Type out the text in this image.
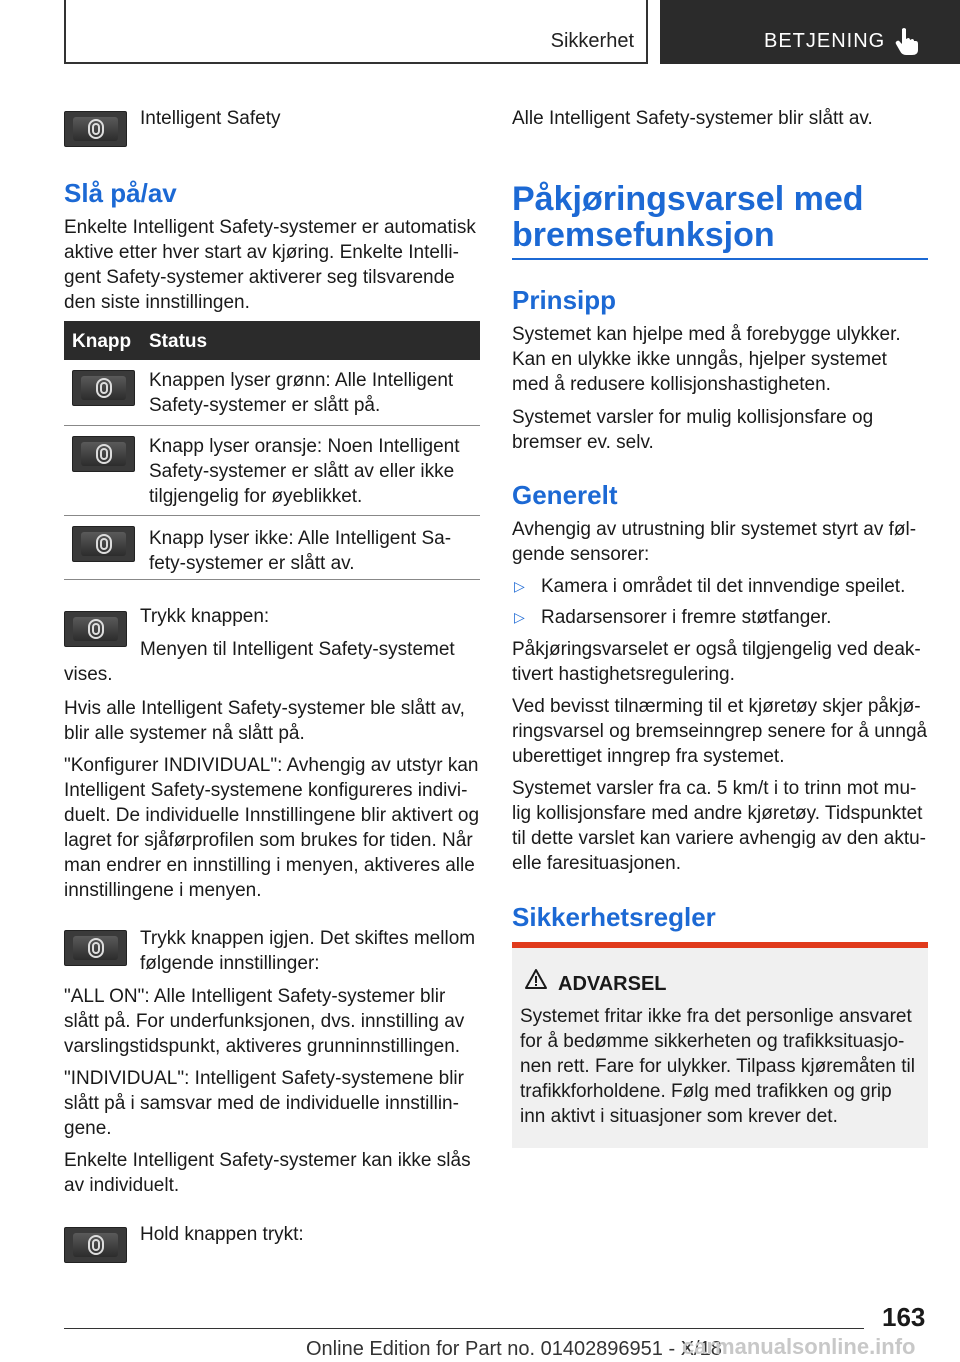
Sikkerhet	BETJENING
Intelligent Safety
Slå på/av
Enkelte Intelligent Safety-systemer er automatisk
aktive etter hver start av kjøring. Enkelte Intelli-
gent Safety-systemer aktiverer seg tilsvarende
den siste innstillingen.
Knapp Status
Knappen lyser grønn: Alle Intelligent
Safety-systemer er slått på.
Knapp lyser oransje: Noen Intelligent
Safety-systemer er slått av eller ikke
tilgjengelig for øyeblikket.
Knapp lyser ikke: Alle Intelligent Sa-
fety-systemer er slått av.
Trykk knappen:
Menyen til Intelligent Safety-systemet
vises.
Hvis alle Intelligent Safety-systemer ble slått av,
blir alle systemer nå slått på.
"Konfigurer INDIVIDUAL": Avhengig av utstyr kan
Intelligent Safety-systemene konfigureres indivi-
duelt. De individuelle Innstillingene blir aktivert og
lagret for sjåførprofilen som brukes for tiden. Når
man endrer en innstilling i menyen, aktiveres alle
innstillingene i menyen.
Trykk knappen igjen. Det skiftes mellom
følgende innstillinger:
"ALL ON": Alle Intelligent Safety-systemer blir
slått på. For underfunksjonen, dvs. innstilling av
varslingstidspunkt, aktiveres grunninnstillingen.
"INDIVIDUAL": Intelligent Safety-systemene blir
slått på i samsvar med de individuelle innstillin-
gene.
Enkelte Intelligent Safety-systemer kan ikke slås
av individuelt.
Hold knappen trykt:
Alle Intelligent Safety-systemer blir slått av.
Påkjøringsvarsel med
bremsefunksjon
Prinsipp
Systemet kan hjelpe med å forebygge ulykker.
Kan en ulykke ikke unngås, hjelper systemet
med å redusere kollisjonshastigheten.
Systemet varsler for mulig kollisjonsfare og
bremser ev. selv.
Generelt
Avhengig av utrustning blir systemet styrt av føl-
gende sensorer:
▷ Kamera i området til det innvendige speilet.
▷ Radarsensorer i fremre støtfanger.
Påkjøringsvarselet er også tilgjengelig ved deak-
tivert hastighetsregulering.
Ved bevisst tilnærming til et kjøretøy skjer påkjø-
ringsvarsel og bremseinngrep senere for å unngå
uberettiget inngrep fra systemet.
Systemet varsler fra ca. 5 km/t i to trinn mot mu-
lig kollisjonsfare med andre kjøretøy. Tidspunktet
til dette varslet kan variere avhengig av den aktu-
elle faresituasjonen.
Sikkerhetsregler
ADVARSEL
Systemet fritar ikke fra det personlige ansvaret
for å bedømme sikkerheten og trafikksituasjo-
nen rett. Fare for ulykker. Tilpass kjøremåten til
trafikkforholdene. Følg med trafikken og grip
inn aktivt i situasjoner som krever det.
163
Online Edition for Part no. 01402896951 - X/18
carmanualsonline.info
